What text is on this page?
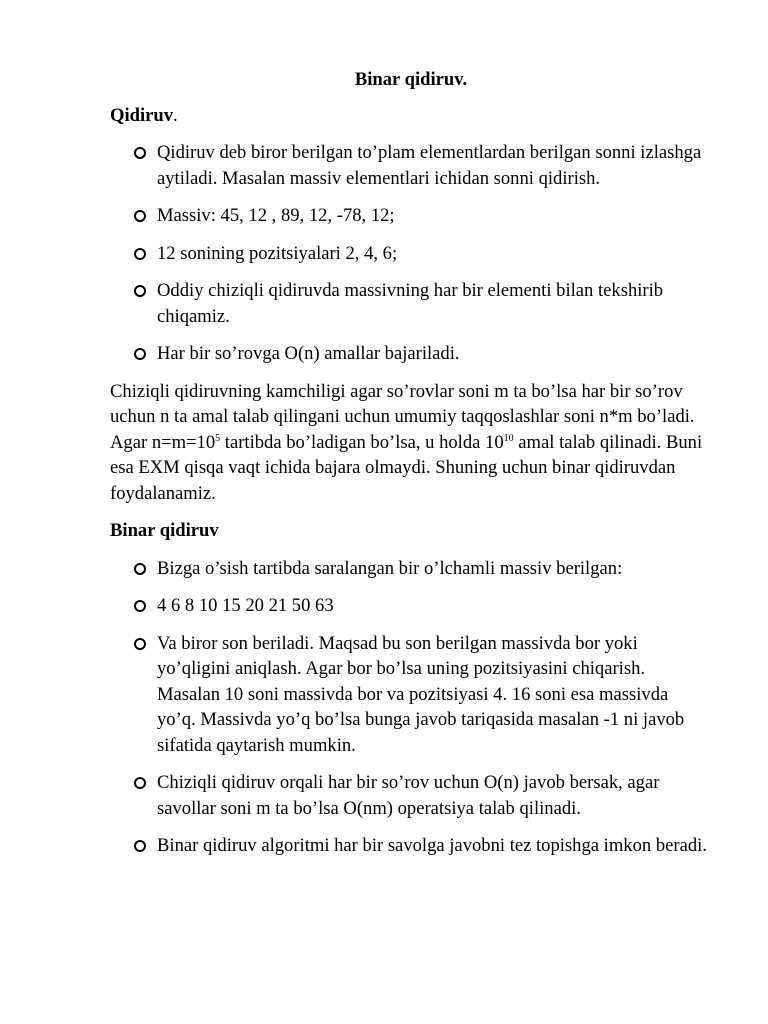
Binar qidiruv.
Qidiruv.
Qidiruv deb biror berilgan to’plam elementlardan berilgan sonni izlashga aytiladi. Masalan massiv elementlari ichidan sonni qidirish.
Massiv: 45, 12 , 89, 12, -78, 12;
12 sonining pozitsiyalari 2, 4, 6;
Oddiy chiziqli qidiruvda massivning har bir elementi bilan tekshirib chiqamiz.
Har bir so’rovga O(n) amallar bajariladi.
Chiziqli qidiruvning kamchiligi agar so’rovlar soni m ta bo’lsa har bir so’rov uchun n ta amal talab qilingani uchun umumiy taqqoslashlar soni n*m bo’ladi. Agar $n=m=10^5$ tartibda bo’ladigan bo’lsa, u holda $10^{10}$ amal talab qilinadi. Buni esa EXM qisqa vaqt ichida bajara olmaydi. Shuning uchun binar qidiruvdan foydalanamiz.
Binar qidiruv
Bizga o’sish tartibda saralangan bir o’lchamli massiv berilgan:
4 6 8 10 15 20 21 50 63
Va biror son beriladi. Maqsad bu son berilgan massivda bor yoki yo’qligini aniqlash. Agar bor bo’lsa uning pozitsiyasini chiqarish. Masalan 10 soni massivda bor va pozitsiyasi 4. 16 soni esa massivda yo’q. Massivda yo’q bo’lsa bunga javob tariqasida masalan -1 ni javob sifatida qaytarish mumkin.
Chiziqli qidiruv orqali har bir so’rov uchun O(n) javob bersak, agar savollar soni m ta bo’lsa O(nm) operatsiya talab qilinadi.
Binar qidiruv algoritmi har bir savolga javobni tez topishga imkon beradi.
